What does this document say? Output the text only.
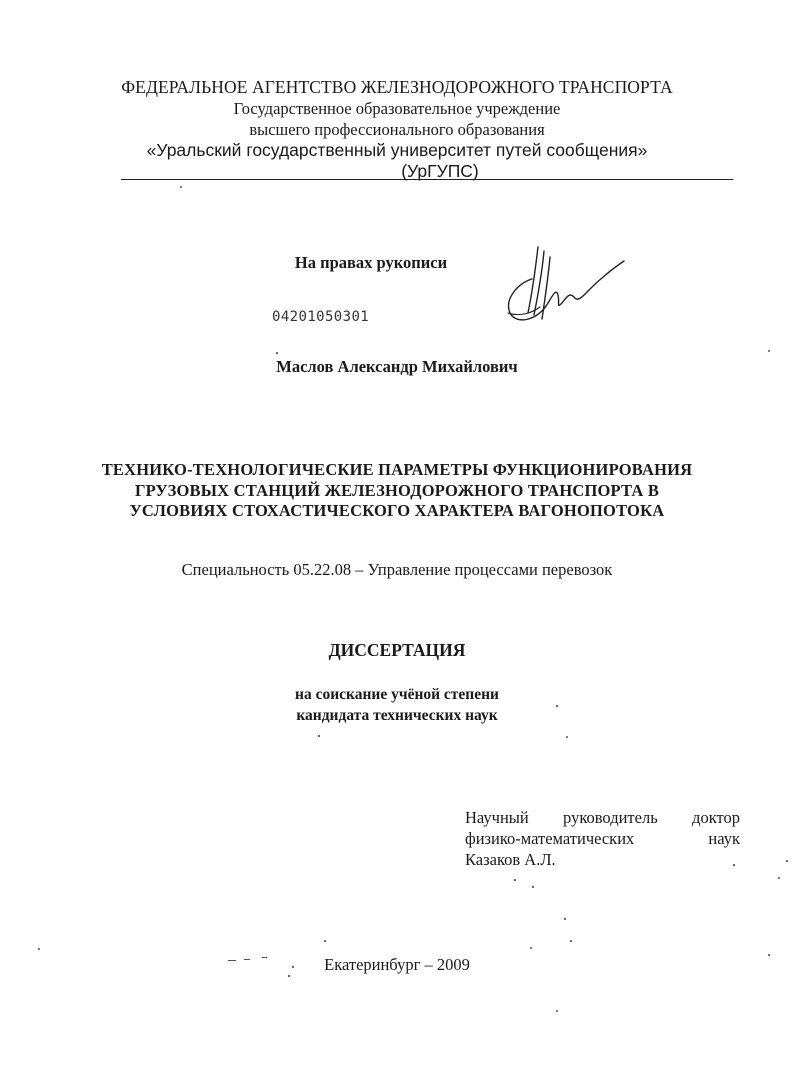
ФЕДЕРАЛЬНОЕ АГЕНТСТВО ЖЕЛЕЗНОДОРОЖНОГО ТРАНСПОРТА
Государственное образовательное учреждение
высшего профессионального образования
«Уральский государственный университет путей сообщения»
(УрГУПС)
На правах рукописи
04201050301
Маслов Александр Михайлович
ТЕХНИКО-ТЕХНОЛОГИЧЕСКИЕ ПАРАМЕТРЫ ФУНКЦИОНИРОВАНИЯ
ГРУЗОВЫХ СТАНЦИЙ ЖЕЛЕЗНОДОРОЖНОГО ТРАНСПОРТА В
УСЛОВИЯХ СТОХАСТИЧЕСКОГО ХАРАКТЕРА ВАГОНОПОТОКА
Специальность 05.22.08 – Управление процессами перевозок
ДИССЕРТАЦИЯ
на соискание учёной степени
кандидата технических наук
Научный руководитель доктор
физико-математических	наук
Казаков А.Л.
Екатеринбург – 2009
